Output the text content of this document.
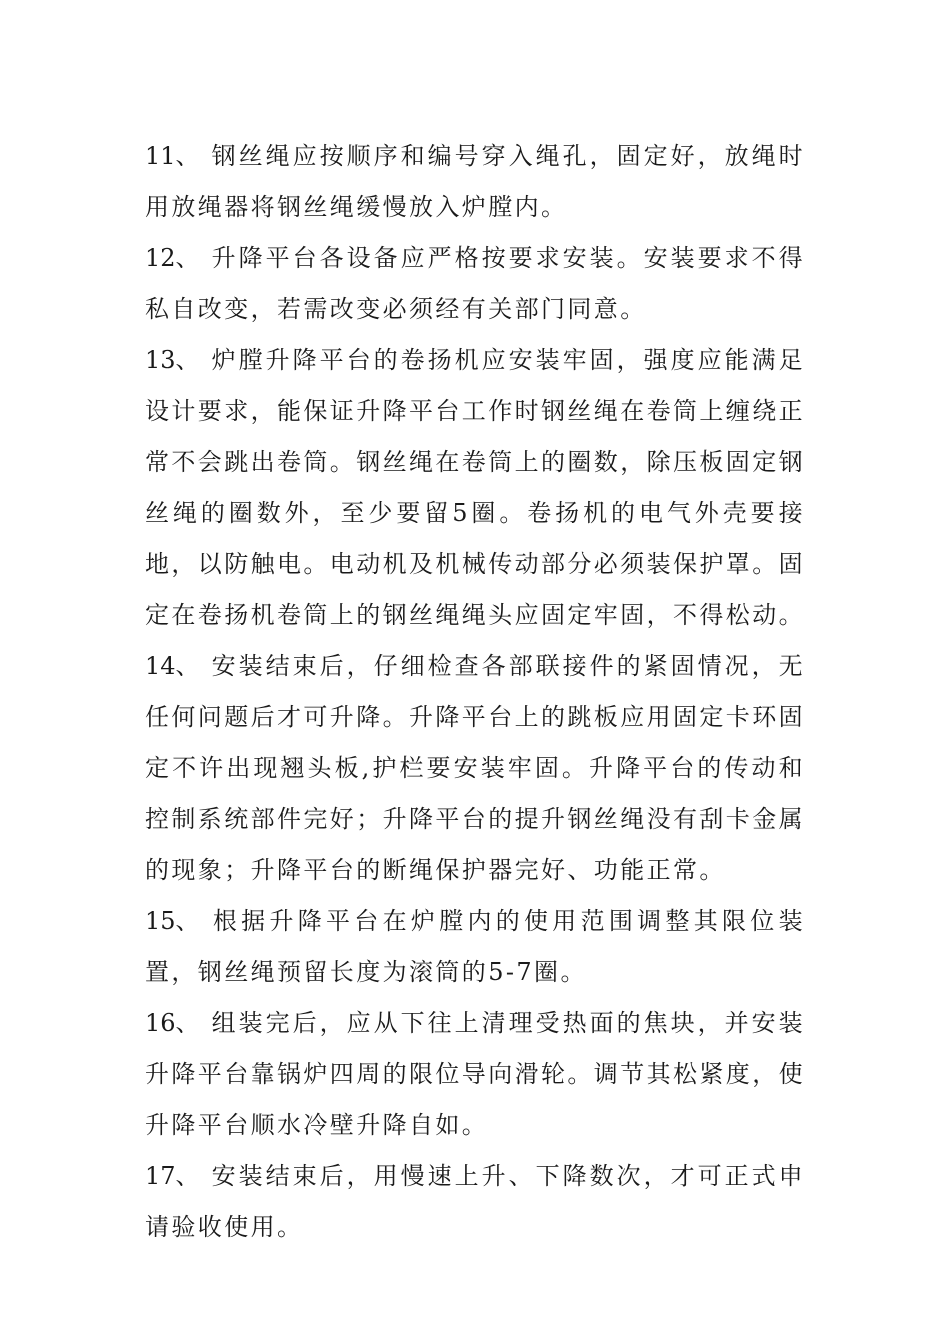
11、 钢丝绳应按顺序和编号穿入绳孔，固定好，放绳时用放绳器将钢丝绳缓慢放入炉膛内。

12、 升降平台各设备应严格按要求安装。安装要求不得私自改变，若需改变必须经有关部门同意。

13、 炉膛升降平台的卷扬机应安装牢固，强度应能满足设计要求，能保证升降平台工作时钢丝绳在卷筒上缠绕正常不会跳出卷筒。钢丝绳在卷筒上的圈数，除压板固定钢丝绳的圈数外，至少要留5圈。卷扬机的电气外壳要接地，以防触电。电动机及机械传动部分必须装保护罩。固定在卷扬机卷筒上的钢丝绳绳头应固定牢固，不得松动。

14、 安装结束后，仔细检查各部联接件的紧固情况，无任何问题后才可升降。升降平台上的跳板应用固定卡环固定不许出现翘头板,护栏要安装牢固。升降平台的传动和控制系统部件完好；升降平台的提升钢丝绳没有刮卡金属的现象；升降平台的断绳保护器完好、功能正常。

15、 根据升降平台在炉膛内的使用范围调整其限位装置，钢丝绳预留长度为滚筒的5-7圈。

16、 组装完后，应从下往上清理受热面的焦块，并安装升降平台靠锅炉四周的限位导向滑轮。调节其松紧度，使升降平台顺水冷壁升降自如。

17、 安装结束后，用慢速上升、下降数次，才可正式申请验收使用。
